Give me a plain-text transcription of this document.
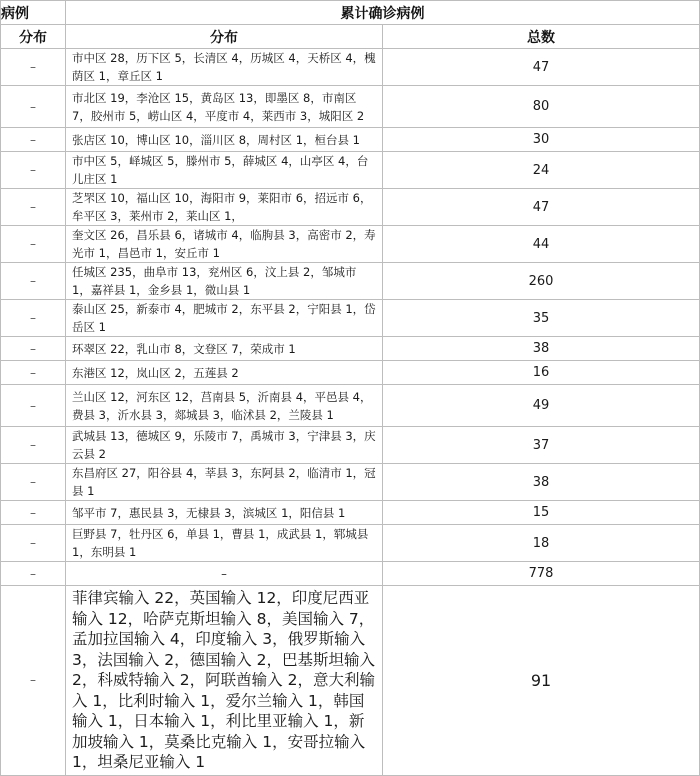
病例	累计确诊病例	
分布	分布	总数
–	市中区 28，历下区 5，长清区 4，历城区 4，天桥区 4，槐荫区 1，章丘区 1	47
–	市北区 19，李沧区 15，黄岛区 13，即墨区 8，市南区 7，胶州市 5，崂山区 4，平度市 4，莱西市 3，城阳区 2	80
–	张店区 10，博山区 10，淄川区 8，周村区 1，桓台县 1	30
–	市中区 5，峄城区 5，滕州市 5，薛城区 4，山亭区 4，台儿庄区 1	24
–	芝罘区 10，福山区 10，海阳市 9，莱阳市 6，招远市 6，牟平区 3，莱州市 2，莱山区 1，	47
–	奎文区 26，昌乐县 6，诸城市 4，临朐县 3，高密市 2，寿光市 1，昌邑市 1，安丘市 1	44
–	任城区 235，曲阜市 13，兖州区 6，汶上县 2，邹城市 1，嘉祥县 1，金乡县 1，微山县 1	260
–	泰山区 25，新泰市 4，肥城市 2，东平县 2，宁阳县 1，岱岳区 1	35
–	环翠区 22，乳山市 8，文登区 7，荣成市 1	38
–	东港区 12，岚山区 2，五莲县 2	16
–	兰山区 12，河东区 12，莒南县 5，沂南县 4，平邑县 4，费县 3，沂水县 3，郯城县 3，临沭县 2，兰陵县 1	49
–	武城县 13，德城区 9，乐陵市 7，禹城市 3，宁津县 3，庆云县 2	37
–	东昌府区 27，阳谷县 4，莘县 3，东阿县 2，临清市 1，冠县 1	38
–	邹平市 7，惠民县 3，无棣县 3，滨城区 1，阳信县 1	15
–	巨野县 7，牡丹区 6，单县 1，曹县 1，成武县 1，郓城县 1，东明县 1	18
–	–	778
–	菲律宾输入 22，英国输入 12，印度尼西亚输入 12，哈萨克斯坦输入 8，美国输入 7，孟加拉国输入 4，印度输入 3，俄罗斯输入 3，法国输入 2，德国输入 2，巴基斯坦输入 2，科威特输入 2，阿联酋输入 2，意大利输入 1，比利时输入 1，爱尔兰输入 1，韩国输入 1，日本输入 1，利比里亚输入 1，新加坡输入 1，莫桑比克输入 1，安哥拉输入 1，坦桑尼亚输入 1	91
